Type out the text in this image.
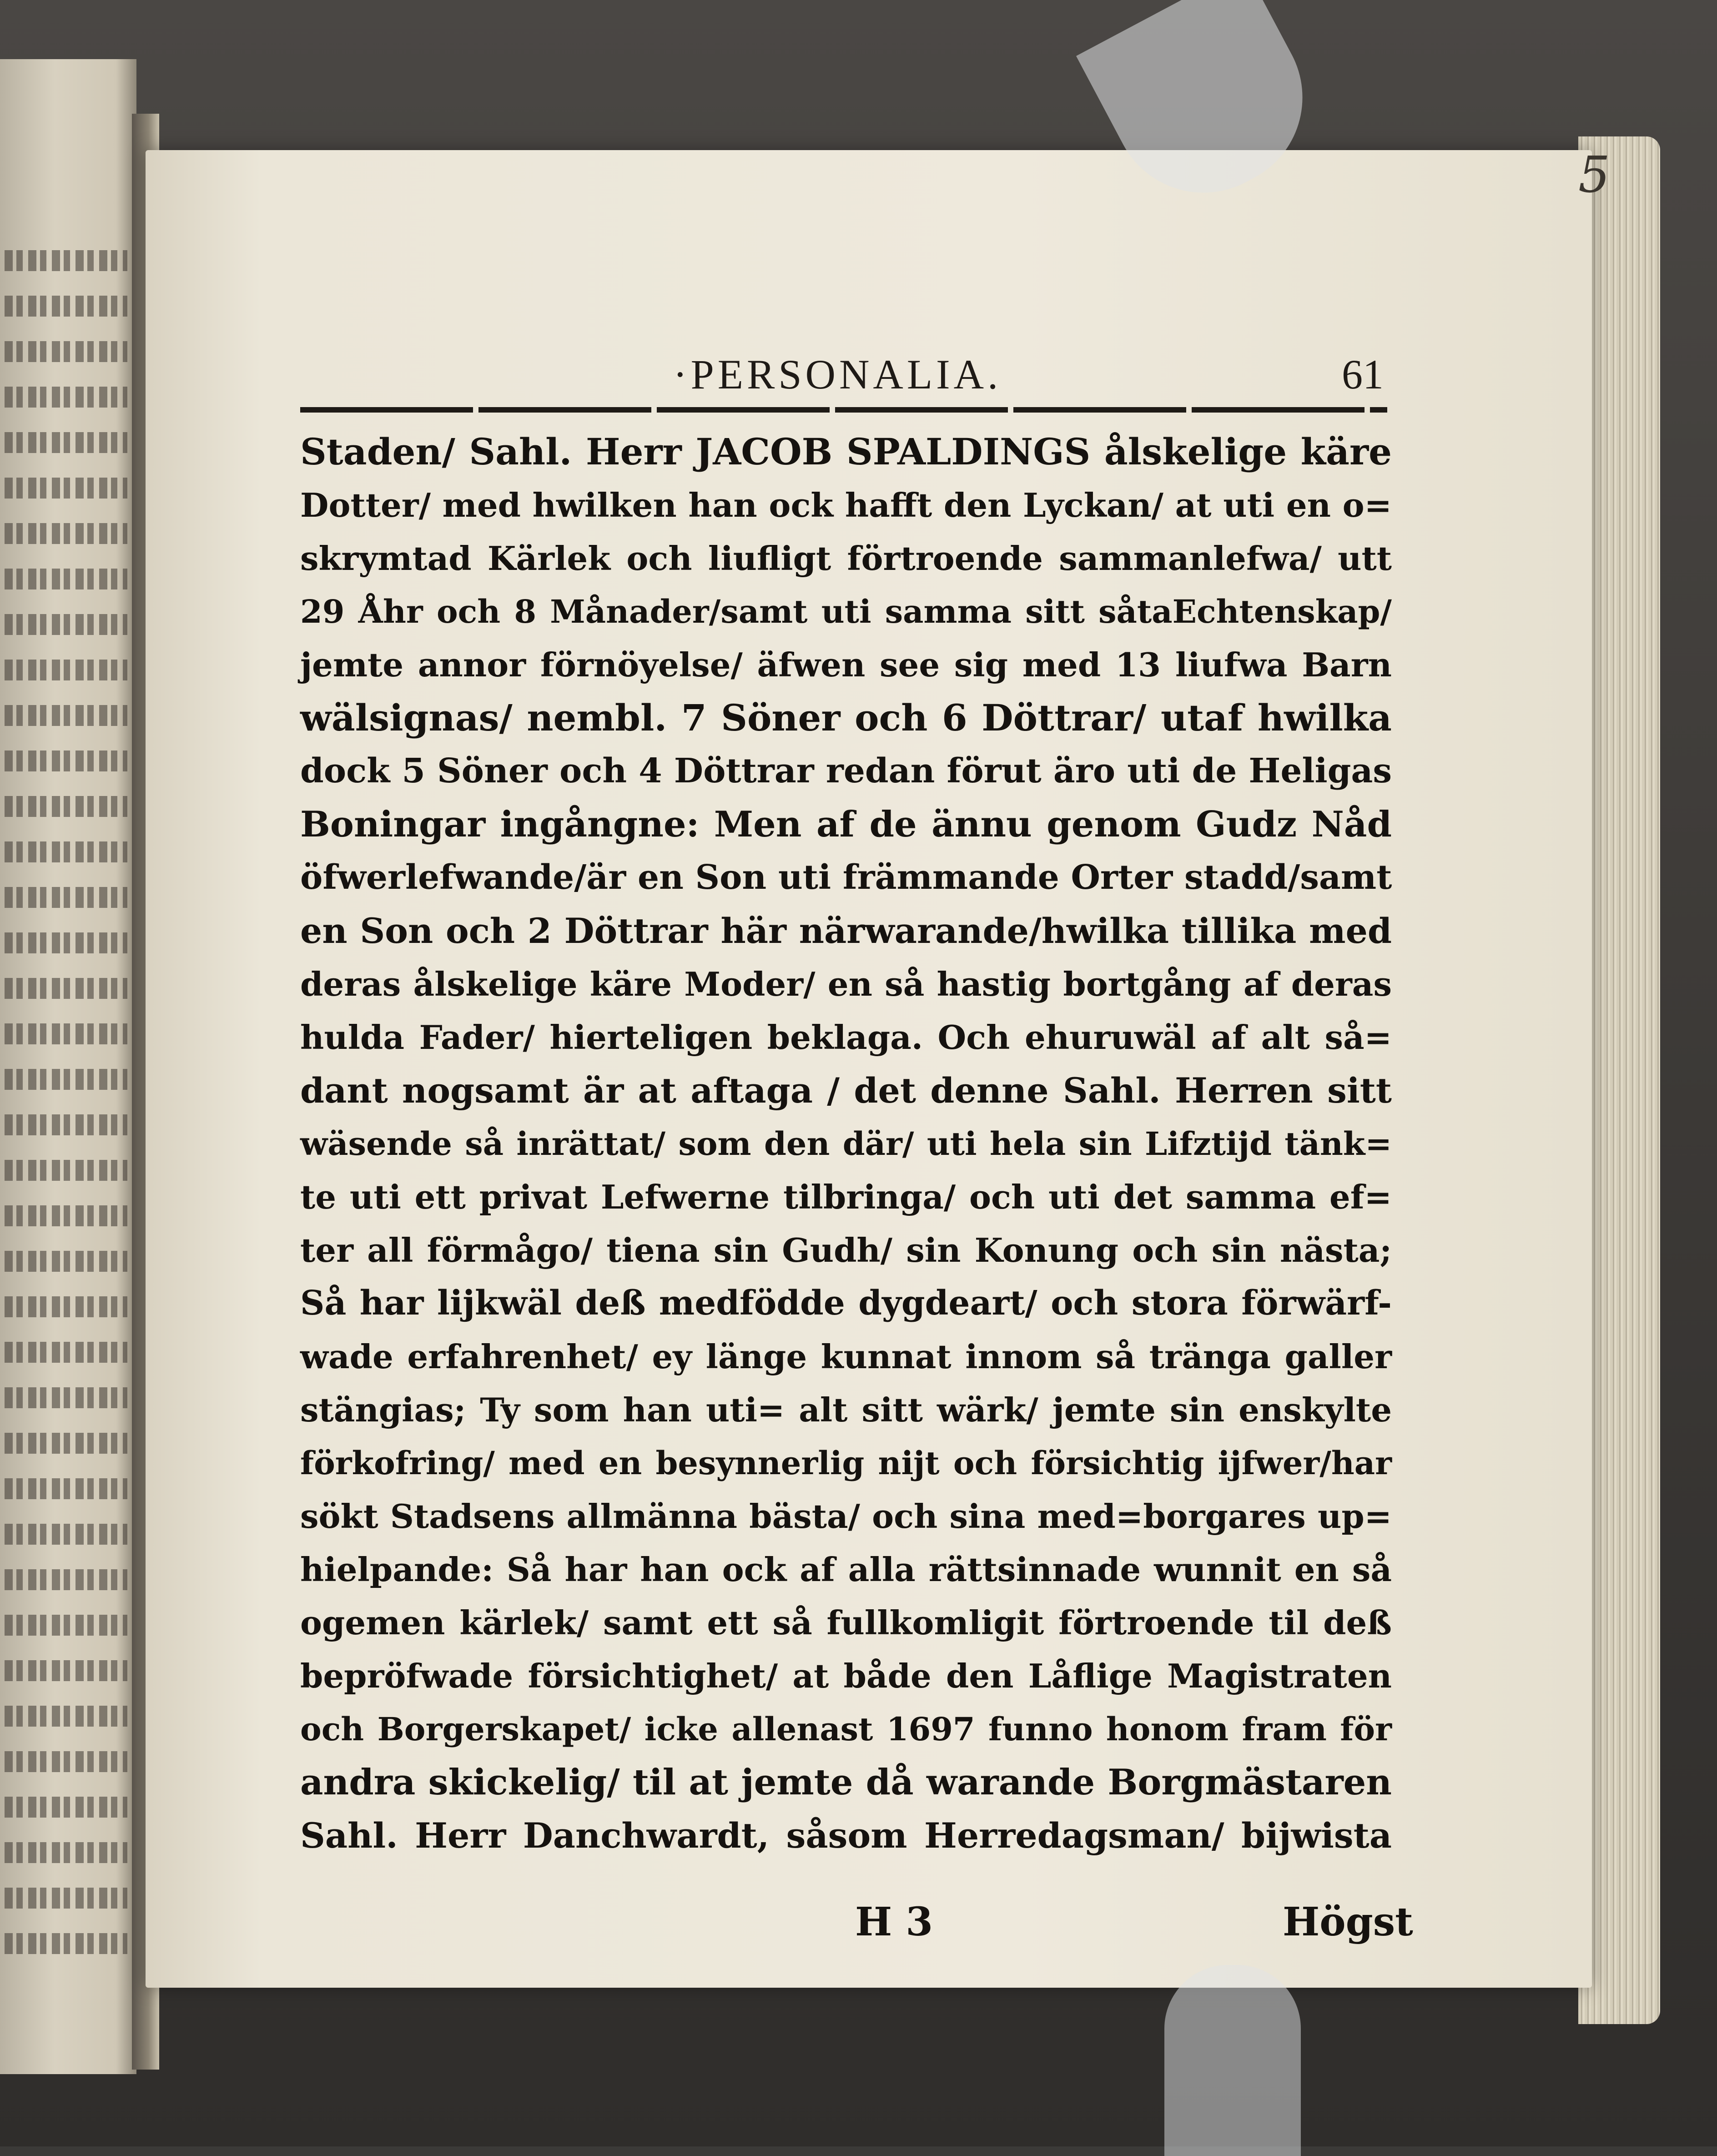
5
·PERSONALIA.	61
Staden/ Sahl. Herr JACOB SPALDINGS ålskelige käre
Dotter/ med hwilken han ock hafft den Lyckan/ at uti en o=
skrymtad Kärlek och liufligt förtroende sammanlefwa/ utt
29 Åhr och 8 Månader/samt uti samma sitt såtaEchtenskap/
jemte annor förnöyelse/ äfwen see sig med 13 liufwa Barn
wälsignas/ nembl. 7 Söner och 6 Döttrar/ utaf hwilka
dock 5 Söner och 4 Döttrar redan förut äro uti de Heligas
Boningar ingångne: Men af de ännu genom Gudz Nåd
öfwerlefwande/är en Son uti främmande Orter stadd/samt
en Son och 2 Döttrar här närwarande/hwilka tillika med
deras ålskelige käre Moder/ en så hastig bortgång af deras
hulda Fader/ hierteligen beklaga. Och ehuruwäl af alt så=
dant nogsamt är at aftaga / det denne Sahl. Herren sitt
wäsende så inrättat/ som den där/ uti hela sin Lifztijd tänk=
te uti ett privat Lefwerne tilbringa/ och uti det samma ef=
ter all förmågo/ tiena sin Gudh/ sin Konung och sin nästa;
Så har lijkwäl deß medfödde dygdeart/ och stora förwärf-
wade erfahrenhet/ ey länge kunnat innom så tränga galler
stängias; Ty som han uti= alt sitt wärk/ jemte sin enskylte
förkofring/ med en besynnerlig nijt och försichtig ijfwer/har
sökt Stadsens allmänna bästa/ och sina med=borgares up=
hielpande: Så har han ock af alla rättsinnade wunnit en så
ogemen kärlek/ samt ett så fullkomligit förtroende til deß
bepröfwade försichtighet/ at både den Låflige Magistraten
och Borgerskapet/ icke allenast 1697 funno honom fram för
andra skickelig/ til at jemte då warande Borgmästaren
Sahl. Herr Danchwardt, såsom Herredagsman/ bijwista
H 3	Högst
